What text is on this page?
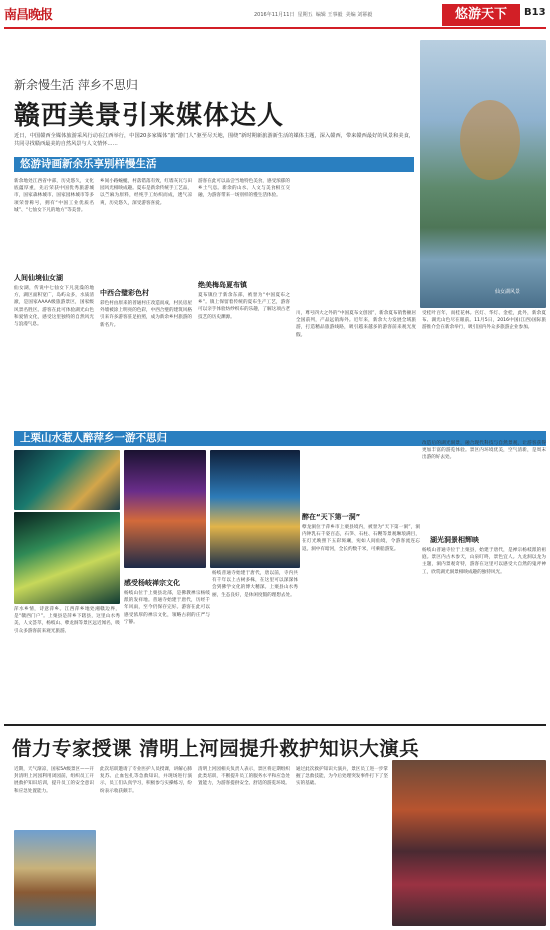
南昌晚报	2016年11月11日 星期五 编辑 王事毅 美编 刘幂毅	悠游天下	B13
新余慢生活 萍乡不思归
赣西美景引来媒体达人
近日，中国赣西全媒体旅游采风行动在江西举行，中国20多家媒体“旅”游门人“驱至尽天地，围绕”新时期新旅游新生活的媒体主题，深入赣西，带来赣西最好的风景和美食，共同寻找赣西最美的自然风景与人文情怀……
仙女湖风景
仙女湖风景
悠游诗画新余乐享别样慢生活
新余地处江西省中部，历史悠久，文化底蕴厚重，先后荣获中国优秀旅游城市，国家森林城市、国家园林城市等多项荣誉称号，拥有“中国工业优质名城”、“七仙女下凡的地方”等美誉。
人间仙境仙女湖
仙女湖，传说中七仙女下凡洗澡的地方，湖区面积宽广，岛屿众多，水质清澈，是国家AAAA级旅游景区，国家级风景名胜区。游客在此可体验湖光山色和爱情文化，感受这里独特的自然风光与浪漫气息。
乡间小路蜿蜒，村落错落有致，红墙灰瓦与田园风光相映成趣。夏布是新余传统手工艺品，以苎麻为原料，经纯手工纺织而成，透气凉爽，历史悠久，深受游客喜爱。
中西合璧彩色村
彩色村由原来的普通村庄改造而成，村民房屋外墙被涂上明亮的色彩，中西合璧的建筑风格引来许多游客驻足拍照，成为新余乡村旅游的新名片。
游客在此可以品尝当地特色美食，感受浓郁的乡土气息。新余的山水、人文与美食相互交融，为游客带来一场别样的慢生活体验。
绝美梅岛夏布镇
夏布镇位于新余东部，被誉为“中国夏布之乡”。镇上保留着传统的夏布生产工艺，游客可以亲手体验纺纱织布的乐趣，了解这项古老技艺的历史渊源。
川，尊号四大之外的“中国夏布文创园”，新余夏布销售额居全国前列，产品远销海外。近年来，新余大力发展全域旅游，打造精品旅游线路，吸引越来越多的游客前来观光度假。
受桂叶百年，而桂花林。宫灯、华灯、金桂，此外，新余夏布、湖光山色尽在眼前。11月5日，2016中国(江西)国际旅游推介会在新余举行，吸引国内外众多旅游企业参加。
上栗山水惹人醉萍乡一游不思归
萍水乡情，诗意萍乡。江西萍乡地处湘赣边界，是“赣西门户”。上栗县是萍乡下辖县，这里山水秀美，人文荟萃，杨岐山、孽龙洞等景区远近闻名，吸引众多游客前来观光旅游。
感受杨岐禅宗文化
杨岐山位于上栗县北部，是佛教禅宗杨岐派的发祥地。普通寺始建于唐代，历经千年风雨，至今仍保存完好。游客在此可以感受浓厚的禅宗文化，领略古刹的庄严与宁静。
杨岐普通寺始建于唐代，唐以前，寺内共有千年以上古树多株，在这里可以深深体会到佛学文化的博大精深。上栗县山水秀丽，生态良好，是休闲度假的理想去处。
醉在“天下第一洞”
孽龙洞位于萍乡市上栗县境内，被誉为“天下第一洞”，洞内钟乳石千姿百态，石笋、石柱、石幔等景观琳琅满目，在灯光映照下五彩斑斓，宛如人间仙境，令游客流连忘返。洞中有暗河，全长约数千米，可乘船游览。
改造后的湖光洞景，融合现代科技与自然景观，让游客获得更加丰富的游览体验。景区内环境优美，空气清新，是周末出游的好去处。
湖光洞景相辉映
杨岐山普通寺位于上栗县，始建于唐代，是禅宗杨岐派的祖庭。景区内古木参天，山泉叮咚，景色宜人。九龙洞以龙为主题，洞内景观奇特，游客在这里可以感受大自然的鬼斧神工，欣赏湖光洞景相映成趣的独特风光。
借力专家授课 清明上河园提升救护知识大演兵
近期，天气渐凉，国家5A级景区——开封清明上河园利用闭园前，组织员工开展救护知识培训，提升员工的安全意识和应急处置能力。
此次培训邀请了专业医护人员授课，讲解心肺复苏、止血包扎等急救知识，并现场进行演示，员工们认真学习，积极参与实操练习，纷纷表示收获颇丰。
清明上河园相关负责人表示，景区将定期组织此类培训，不断提升员工的服务水平和应急处置能力，为游客提供安全、舒适的游览环境。
通过此次救护知识大演兵，景区员工进一步掌握了急救技能，为今后处理突发事件打下了坚实的基础。
